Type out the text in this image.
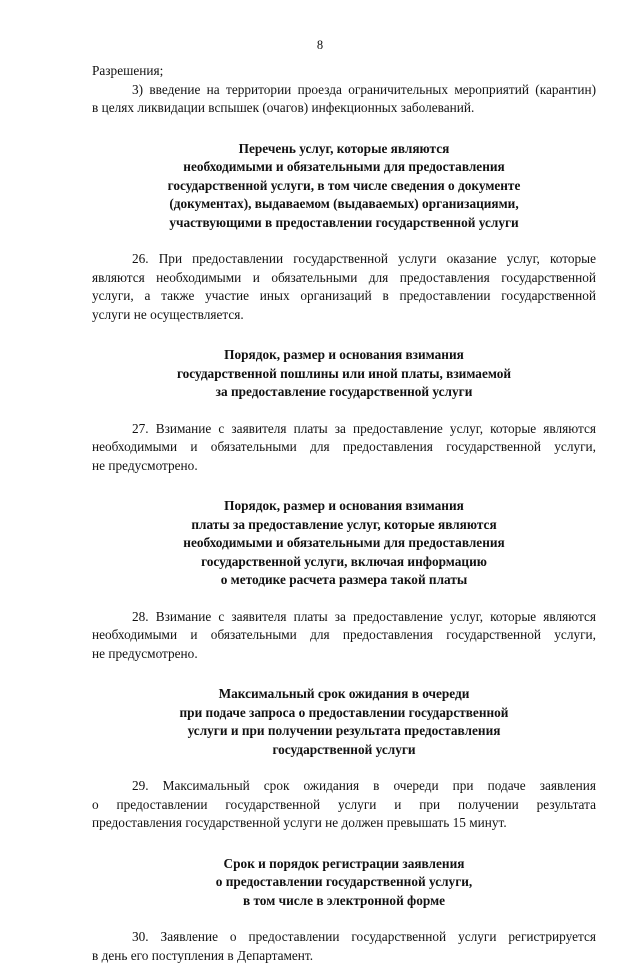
8
Разрешения;
3) введение на территории проезда ограничительных мероприятий (карантин)
в целях ликвидации вспышек (очагов) инфекционных заболеваний.
Перечень услуг, которые являются
необходимыми и обязательными для предоставления
государственной услуги, в том числе сведения о документе
(документах), выдаваемом (выдаваемых) организациями,
участвующими в предоставлении государственной услуги
26. При предоставлении государственной услуги оказание услуг, которые
являются необходимыми и обязательными для предоставления государственной
услуги, а также участие иных организаций в предоставлении государственной
услуги не осуществляется.
Порядок, размер и основания взимания
государственной пошлины или иной платы, взимаемой
за предоставление государственной услуги
27. Взимание с заявителя платы за предоставление услуг, которые являются
необходимыми и обязательными для предоставления государственной услуги,
не предусмотрено.
Порядок, размер и основания взимания
платы за предоставление услуг, которые являются
необходимыми и обязательными для предоставления
государственной услуги, включая информацию
о методике расчета размера такой платы
28. Взимание с заявителя платы за предоставление услуг, которые являются
необходимыми и обязательными для предоставления государственной услуги,
не предусмотрено.
Максимальный срок ожидания в очереди
при подаче запроса о предоставлении государственной
услуги и при получении результата предоставления
государственной услуги
29. Максимальный срок ожидания в очереди при подаче заявления
о предоставлении государственной услуги и при получении результата
предоставления государственной услуги не должен превышать 15 минут.
Срок и порядок регистрации заявления
о предоставлении государственной услуги,
в том числе в электронной форме
30. Заявление о предоставлении государственной услуги регистрируется
в день его поступления в Департамент.
